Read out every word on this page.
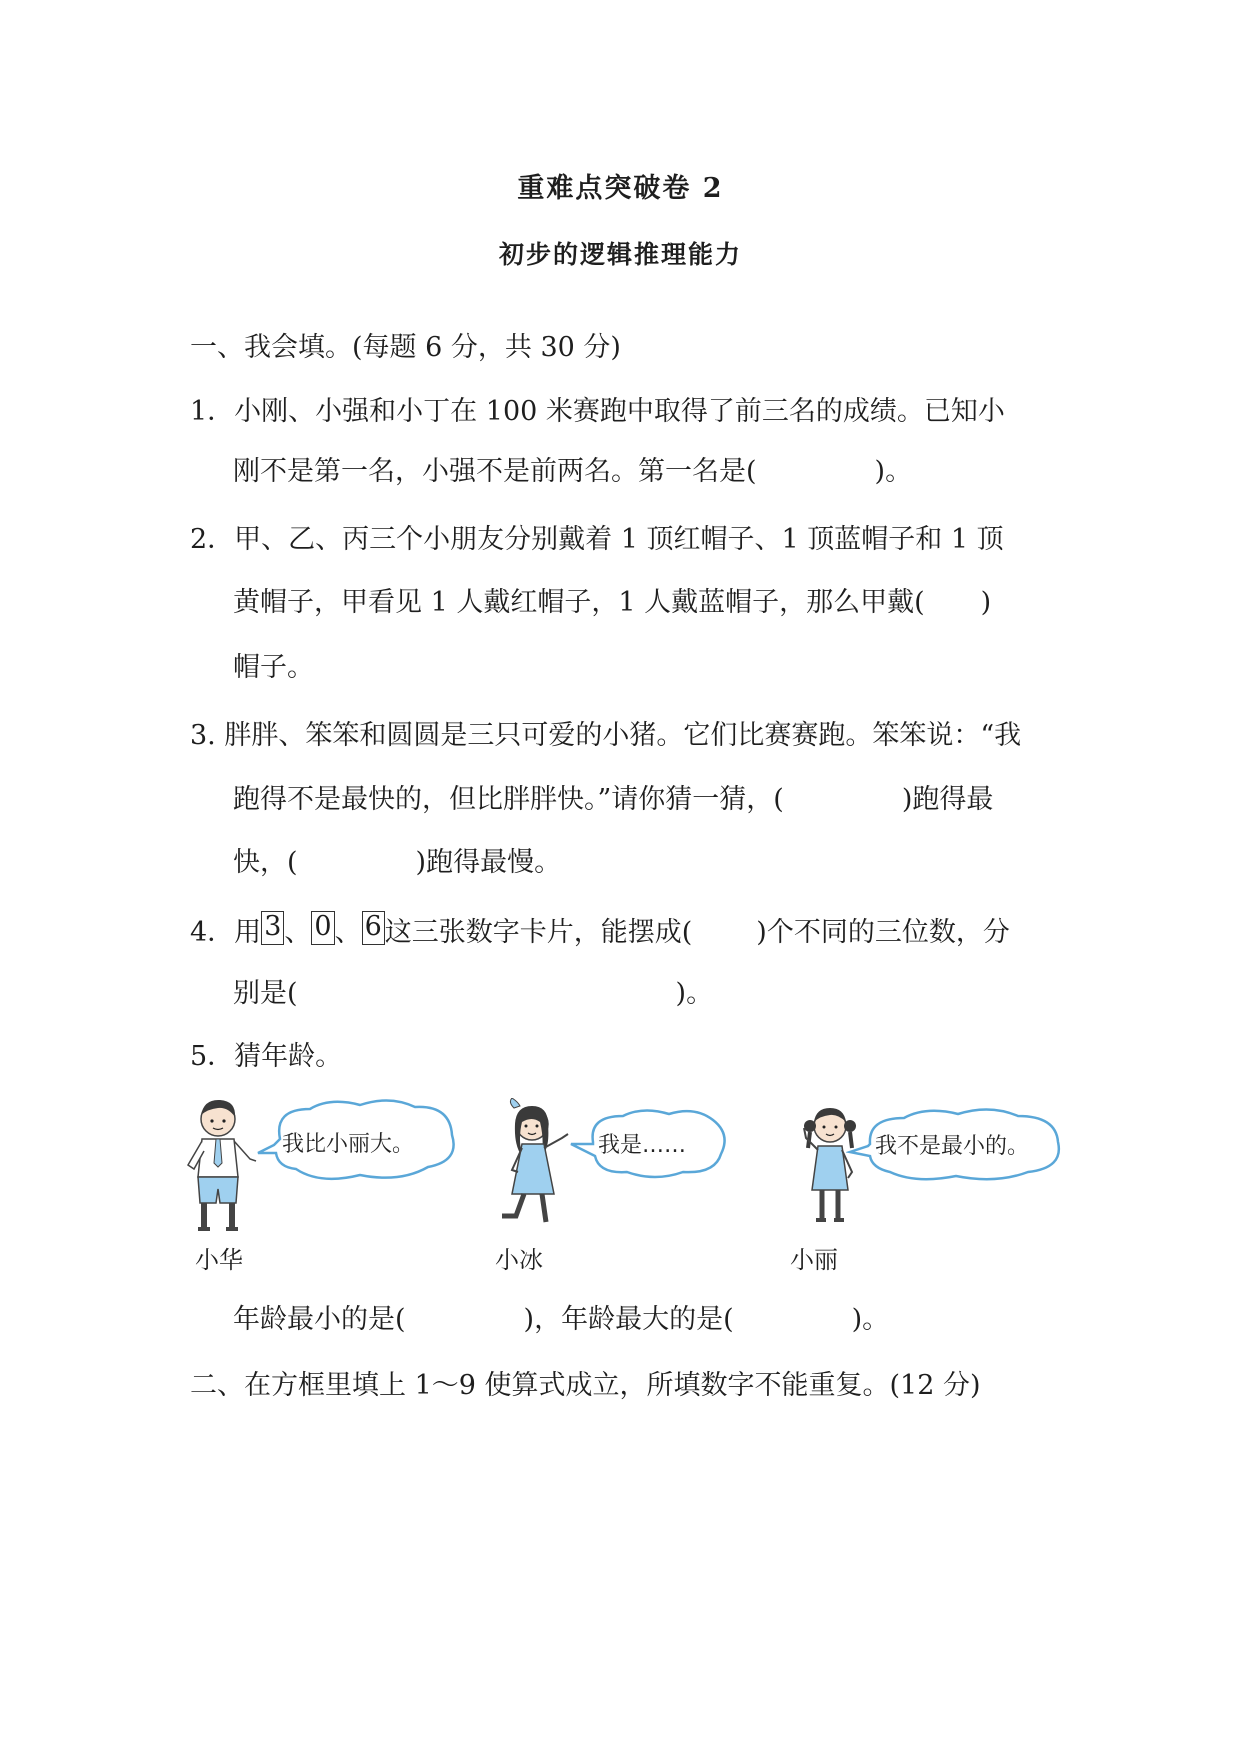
重难点突破卷 2
初步的逻辑推理能力
一、我会填。(每题 6 分，共 30 分)
1．小刚、小强和小丁在 100 米赛跑中取得了前三名的成绩。已知小
刚不是第一名，小强不是前两名。第一名是(	)。
2．甲、乙、丙三个小朋友分别戴着 1 顶红帽子、1 顶蓝帽子和 1 顶
黄帽子，甲看见 1 人戴红帽子，1 人戴蓝帽子，那么甲戴( )
帽子。
3. 胖胖、笨笨和圆圆是三只可爱的小猪。它们比赛赛跑。笨笨说：“我
跑得不是最快的，但比胖胖快。”请你猜一猜，(	)跑得最
快，(	)跑得最慢。
4．用 3 、 0 、 6 这三张数字卡片，能摆成( )个不同的三位数，分
别是(	)。
5．猜年龄。
我比小丽大。
小华
我是……
小冰
我不是最小的。
小丽
年龄最小的是(	)，年龄最大的是(	)。
二、在方框里填上 1～9 使算式成立，所填数字不能重复。(12 分)
